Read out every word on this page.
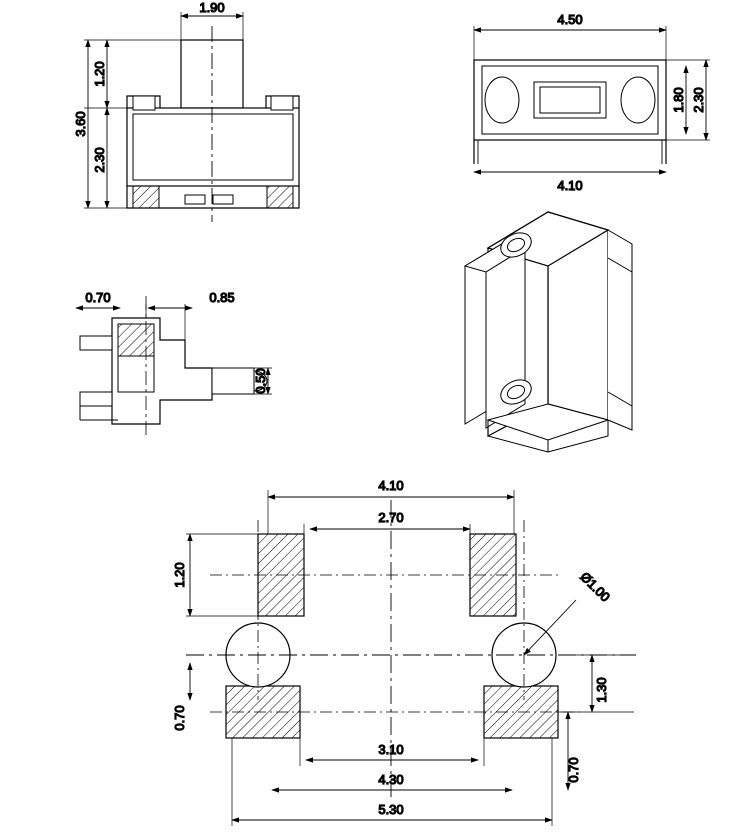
1.90
1.20
2.30
3.60
4.50
4.10
1.80 2.30
0.70	0.85
0.50
4.10
2.70
1.20
0.70
Ø1.00
1.30
0.70
3.10
4.30
5.30
